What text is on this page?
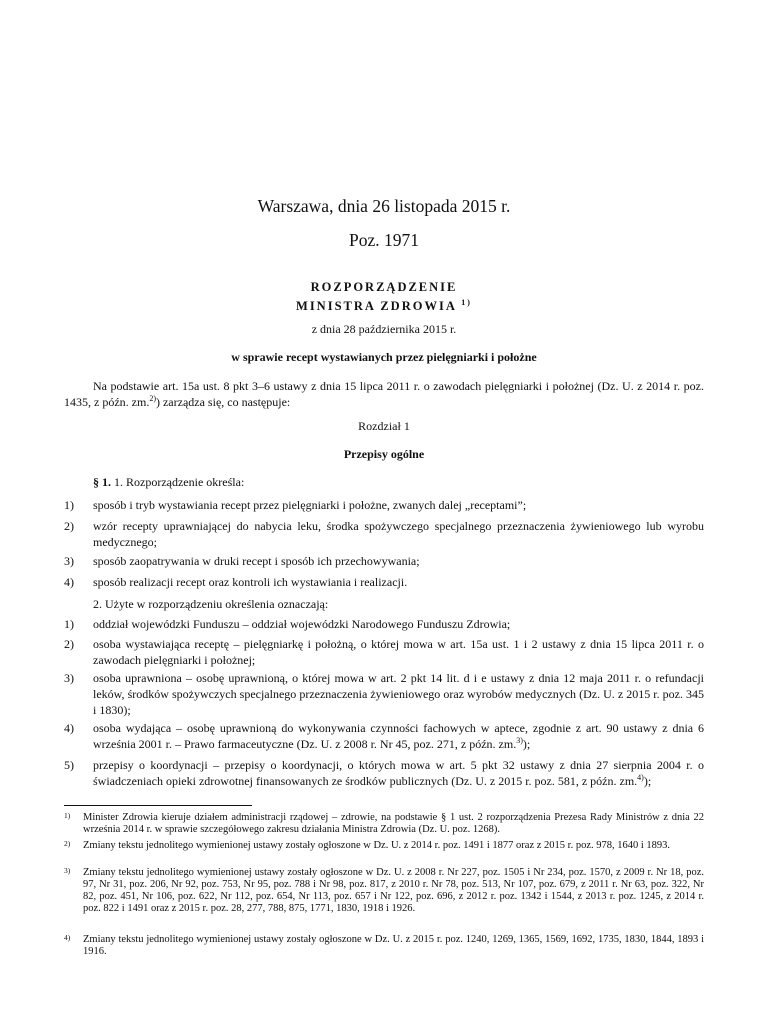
Warszawa, dnia 26 listopada 2015 r.
Poz. 1971
ROZPORZĄDZENIE
MINISTRA ZDROWIA $^{1)}$
z dnia 28 października 2015 r.
w sprawie recept wystawianych przez pielęgniarki i położne
Na podstawie art. 15a ust. 8 pkt 3–6 ustawy z dnia 15 lipca 2011 r. o zawodach pielęgniarki i położnej (Dz. U. z 2014 r. poz. 1435, z późn. zm.$^{2)}$) zarządza się, co następuje:
Rozdział 1
Przepisy ogólne
§ 1. 1. Rozporządzenie określa:
1)	sposób i tryb wystawiania recept przez pielęgniarki i położne, zwanych dalej „receptami”;
2)	wzór recepty uprawniającej do nabycia leku, środka spożywczego specjalnego przeznaczenia żywieniowego lub wyrobu medycznego;
3)	sposób zaopatrywania w druki recept i sposób ich przechowywania;
4)	sposób realizacji recept oraz kontroli ich wystawiania i realizacji.
2. Użyte w rozporządzeniu określenia oznaczają:
1)	oddział wojewódzki Funduszu – oddział wojewódzki Narodowego Funduszu Zdrowia;
2)	osoba wystawiająca receptę – pielęgniarkę i położną, o której mowa w art. 15a ust. 1 i 2 ustawy z dnia 15 lipca 2011 r. o zawodach pielęgniarki i położnej;
3)	osoba uprawniona – osobę uprawnioną, o której mowa w art. 2 pkt 14 lit. d i e ustawy z dnia 12 maja 2011 r. o refundacji leków, środków spożywczych specjalnego przeznaczenia żywieniowego oraz wyrobów medycznych (Dz. U. z 2015 r. poz. 345 i 1830);
4)	osoba wydająca – osobę uprawnioną do wykonywania czynności fachowych w aptece, zgodnie z art. 90 ustawy z dnia 6 września 2001 r. – Prawo farmaceutyczne (Dz. U. z 2008 r. Nr 45, poz. 271, z późn. zm.$^{3)}$);
5)	przepisy o koordynacji – przepisy o koordynacji, o których mowa w art. 5 pkt 32 ustawy z dnia 27 sierpnia 2004 r. o świadczeniach opieki zdrowotnej finansowanych ze środków publicznych (Dz. U. z 2015 r. poz. 581, z późn. zm.$^{4)}$);
1) Minister Zdrowia kieruje działem administracji rządowej – zdrowie, na podstawie § 1 ust. 2 rozporządzenia Prezesa Rady Ministrów z dnia 22 września 2014 r. w sprawie szczegółowego zakresu działania Ministra Zdrowia (Dz. U. poz. 1268).
2) Zmiany tekstu jednolitego wymienionej ustawy zostały ogłoszone w Dz. U. z 2014 r. poz. 1491 i 1877 oraz z 2015 r. poz. 978, 1640 i 1893.
3) Zmiany tekstu jednolitego wymienionej ustawy zostały ogłoszone w Dz. U. z 2008 r. Nr 227, poz. 1505 i Nr 234, poz. 1570, z 2009 r. Nr 18, poz. 97, Nr 31, poz. 206, Nr 92, poz. 753, Nr 95, poz. 788 i Nr 98, poz. 817, z 2010 r. Nr 78, poz. 513, Nr 107, poz. 679, z 2011 r. Nr 63, poz. 322, Nr 82, poz. 451, Nr 106, poz. 622, Nr 112, poz. 654, Nr 113, poz. 657 i Nr 122, poz. 696, z 2012 r. poz. 1342 i 1544, z 2013 r. poz. 1245, z 2014 r. poz. 822 i 1491 oraz z 2015 r. poz. 28, 277, 788, 875, 1771, 1830, 1918 i 1926.
4) Zmiany tekstu jednolitego wymienionej ustawy zostały ogłoszone w Dz. U. z 2015 r. poz. 1240, 1269, 1365, 1569, 1692, 1735, 1830, 1844, 1893 i 1916.
